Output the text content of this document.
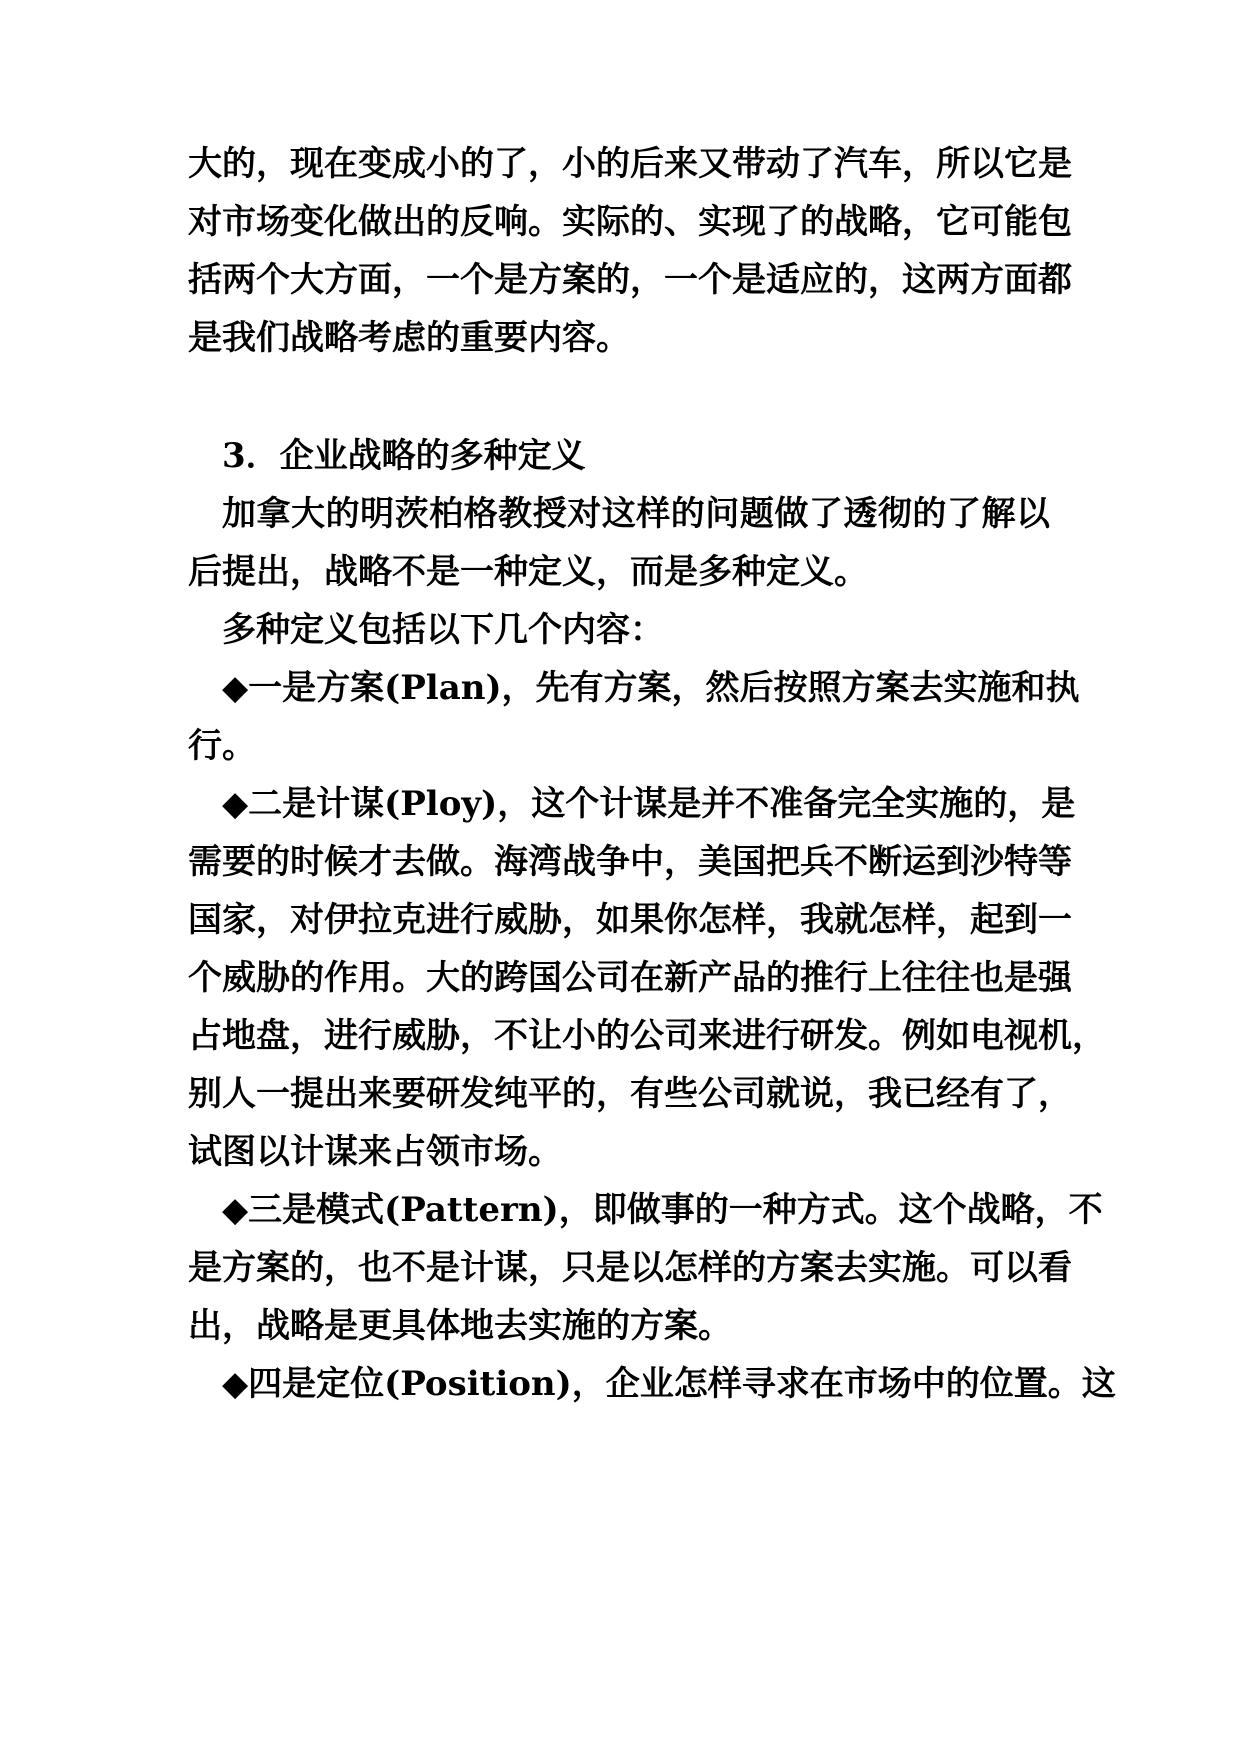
大的，现在变成小的了，小的后来又带动了汽车，所以它是
对市场变化做出的反响。实际的、实现了的战略，它可能包
括两个大方面，一个是方案的，一个是适应的，这两方面都
是我们战略考虑的重要内容。
3．企业战略的多种定义
加拿大的明茨柏格教授对这样的问题做了透彻的了解以
后提出，战略不是一种定义，而是多种定义。
多种定义包括以下几个内容：
◆一是方案(Plan)，先有方案，然后按照方案去实施和执
行。
◆二是计谋(Ploy)，这个计谋是并不准备完全实施的，是
需要的时候才去做。海湾战争中，美国把兵不断运到沙特等
国家，对伊拉克进行威胁，如果你怎样，我就怎样，起到一
个威胁的作用。大的跨国公司在新产品的推行上往往也是强
占地盘，进行威胁，不让小的公司来进行研发。例如电视机，
别人一提出来要研发纯平的，有些公司就说，我已经有了，
试图以计谋来占领市场。
◆三是模式(Pattern)，即做事的一种方式。这个战略，不
是方案的，也不是计谋，只是以怎样的方案去实施。可以看
出，战略是更具体地去实施的方案。
◆四是定位(Position)，企业怎样寻求在市场中的位置。这
